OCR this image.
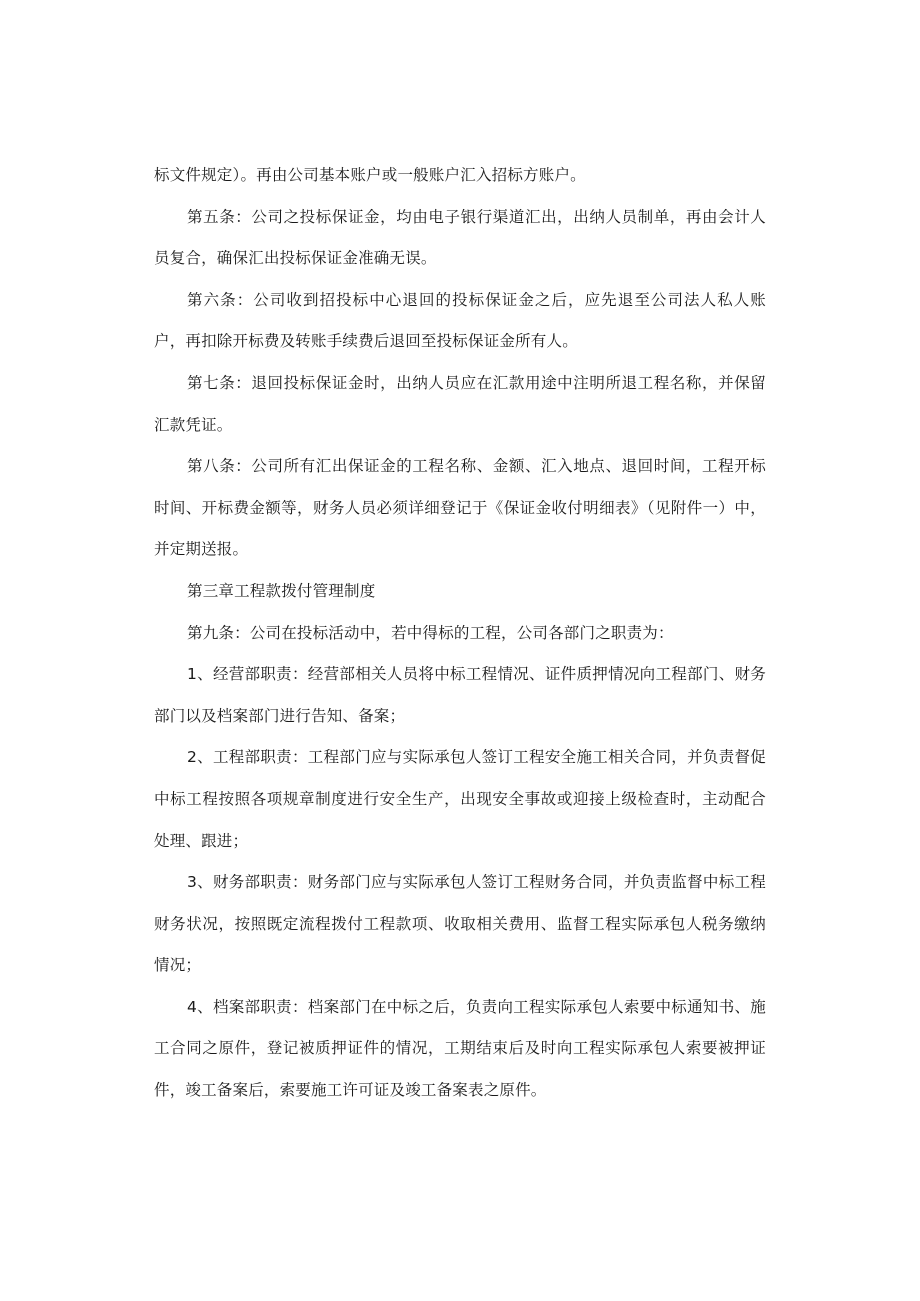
标文件规定）。再由公司基本账户或一般账户汇入招标方账户。

第五条：公司之投标保证金，均由电子银行渠道汇出，出纳人员制单，再由会计人员复合，确保汇出投标保证金准确无误。

第六条：公司收到招投标中心退回的投标保证金之后，应先退至公司法人私人账户，再扣除开标费及转账手续费后退回至投标保证金所有人。

第七条：退回投标保证金时，出纳人员应在汇款用途中注明所退工程名称，并保留汇款凭证。

第八条：公司所有汇出保证金的工程名称、金额、汇入地点、退回时间，工程开标时间、开标费金额等，财务人员必须详细登记于《保证金收付明细表》（见附件一）中，并定期送报。

第三章工程款拨付管理制度

第九条：公司在投标活动中，若中得标的工程，公司各部门之职责为：

1、经营部职责：经营部相关人员将中标工程情况、证件质押情况向工程部门、财务部门以及档案部门进行告知、备案；

2、工程部职责：工程部门应与实际承包人签订工程安全施工相关合同，并负责督促中标工程按照各项规章制度进行安全生产，出现安全事故或迎接上级检查时，主动配合处理、跟进；

3、财务部职责：财务部门应与实际承包人签订工程财务合同，并负责监督中标工程财务状况，按照既定流程拨付工程款项、收取相关费用、监督工程实际承包人税务缴纳情况；

4、档案部职责：档案部门在中标之后，负责向工程实际承包人索要中标通知书、施工合同之原件，登记被质押证件的情况，工期结束后及时向工程实际承包人索要被押证件，竣工备案后，索要施工许可证及竣工备案表之原件。
